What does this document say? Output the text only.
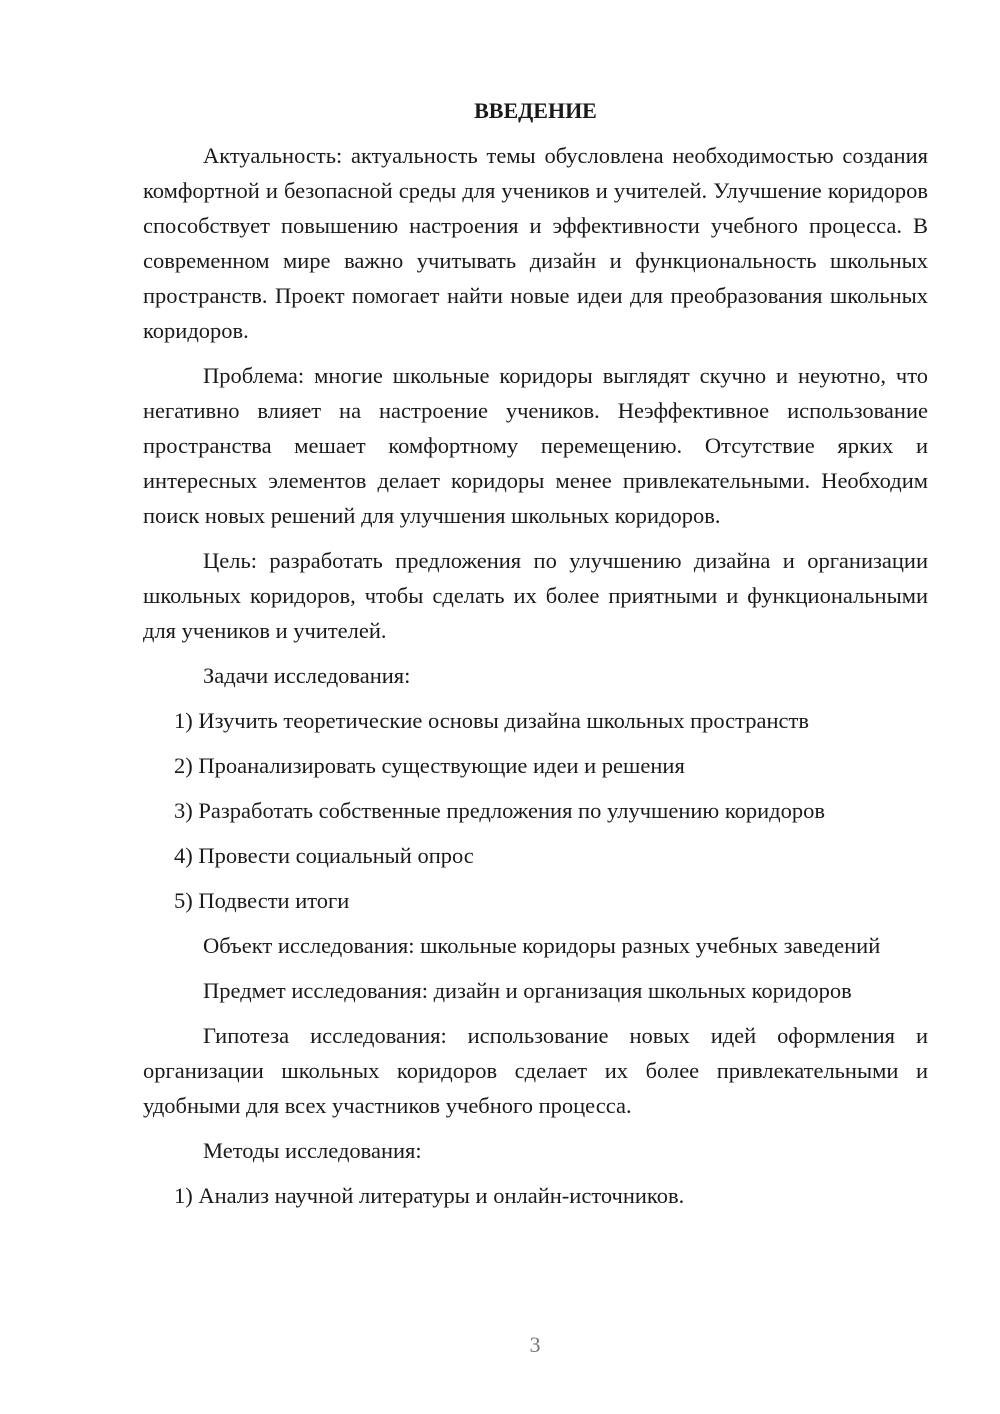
ВВЕДЕНИЕ

Актуальность: актуальность темы обусловлена необходимостью создания комфортной и безопасной среды для учеников и учителей. Улучшение коридоров способствует повышению настроения и эффективности учебного процесса. В современном мире важно учитывать дизайн и функциональность школьных пространств. Проект помогает найти новые идеи для преобразования школьных коридоров.

Проблема: многие школьные коридоры выглядят скучно и неуютно, что негативно влияет на настроение учеников. Неэффективное использование пространства мешает комфортному перемещению. Отсутствие ярких и интересных элементов делает коридоры менее привлекательными. Необходим поиск новых решений для улучшения школьных коридоров.

Цель: разработать предложения по улучшению дизайна и организации школьных коридоров, чтобы сделать их более приятными и функциональными для учеников и учителей.

Задачи исследования:

1) Изучить теоретические основы дизайна школьных пространств
2) Проанализировать существующие идеи и решения
3) Разработать собственные предложения по улучшению коридоров
4) Провести социальный опрос
5) Подвести итоги

Объект исследования: школьные коридоры разных учебных заведений

Предмет исследования: дизайн и организация школьных коридоров

Гипотеза исследования: использование новых идей оформления и организации школьных коридоров сделает их более привлекательными и удобными для всех участников учебного процесса.

Методы исследования:

1) Анализ научной литературы и онлайн-источников.
3
